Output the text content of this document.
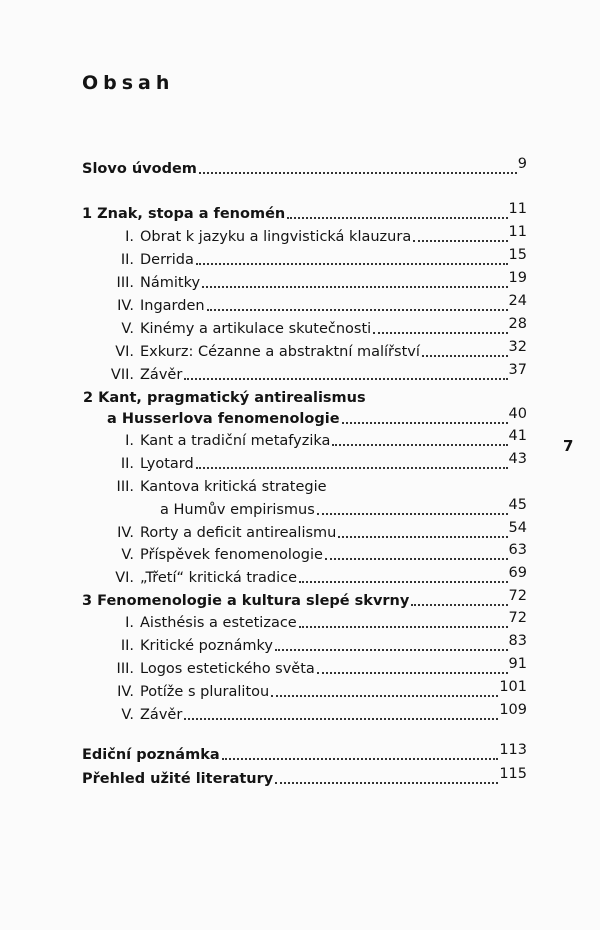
Obsah
7
Slovo úvodem	9
1 Znak, stopa a fenomén	11
I. Obrat k jazyku a lingvistická klauzura	11
II. Derrida	15
III. Námitky	19
IV. Ingarden	24
V. Kinémy a artikulace skutečnosti	28
VI. Exkurz: Cézanne a abstraktní malířství	32
VII. Závěr	37
2 Kant, pragmatický antirealismus
a Husserlova fenomenologie	40
I. Kant a tradiční metafyzika	41
II. Lyotard	43
III. Kantova kritická strategie
a Humův empirismus	45
IV. Rorty a deficit antirealismu	54
V. Příspěvek fenomenologie	63
VI. „Třetí“ kritická tradice	69
3 Fenomenologie a kultura slepé skvrny	72
I. Aisthésis a estetizace	72
II. Kritické poznámky	83
III. Logos estetického světa	91
IV. Potíže s pluralitou	101
V. Závěr	109
Ediční poznámka	113
Přehled užité literatury	115
